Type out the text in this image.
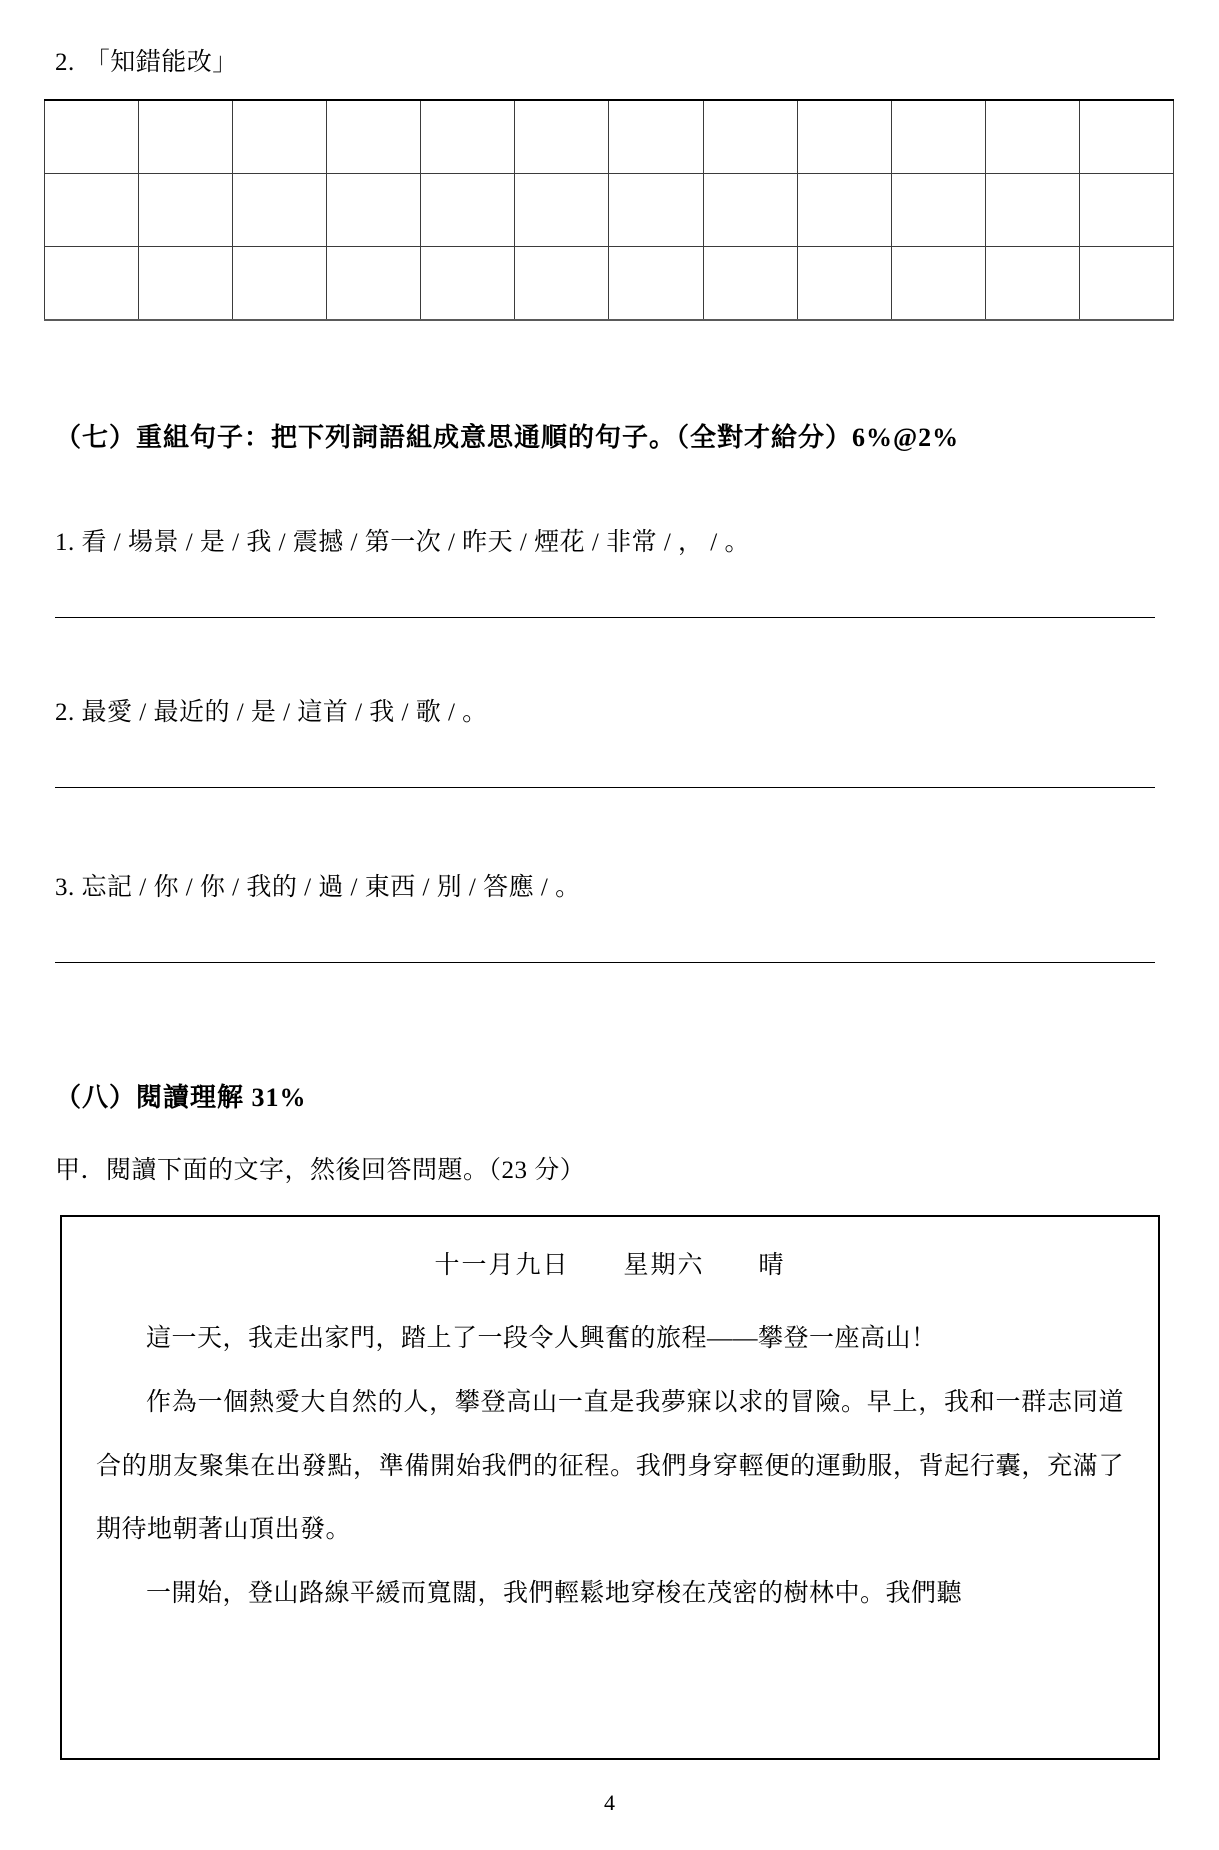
2. 「知錯能改」

（七）重組句子：把下列詞語組成意思通順的句子。（全對才給分）6%@2%
1. 看 / 場景 / 是 / 我 / 震撼 / 第一次 / 昨天 / 煙花 / 非常 / ， / 。
2. 最愛 / 最近的 / 是 / 這首 / 我 / 歌 / 。
3. 忘記 / 你 / 你 / 我的 / 過 / 東西 / 別 / 答應 / 。
（八）閱讀理解 31%
甲．閱讀下面的文字，然後回答問題。（23 分）
十一月九日　　星期六　　晴

這一天，我走出家門，踏上了一段令人興奮的旅程——攀登一座高山！

作為一個熱愛大自然的人，攀登高山一直是我夢寐以求的冒險。早上，我和一群志同道合的朋友聚集在出發點，準備開始我們的征程。我們身穿輕便的運動服，背起行囊，充滿了期待地朝著山頂出發。

一開始，登山路線平緩而寬闊，我們輕鬆地穿梭在茂密的樹林中。我們聽

4
